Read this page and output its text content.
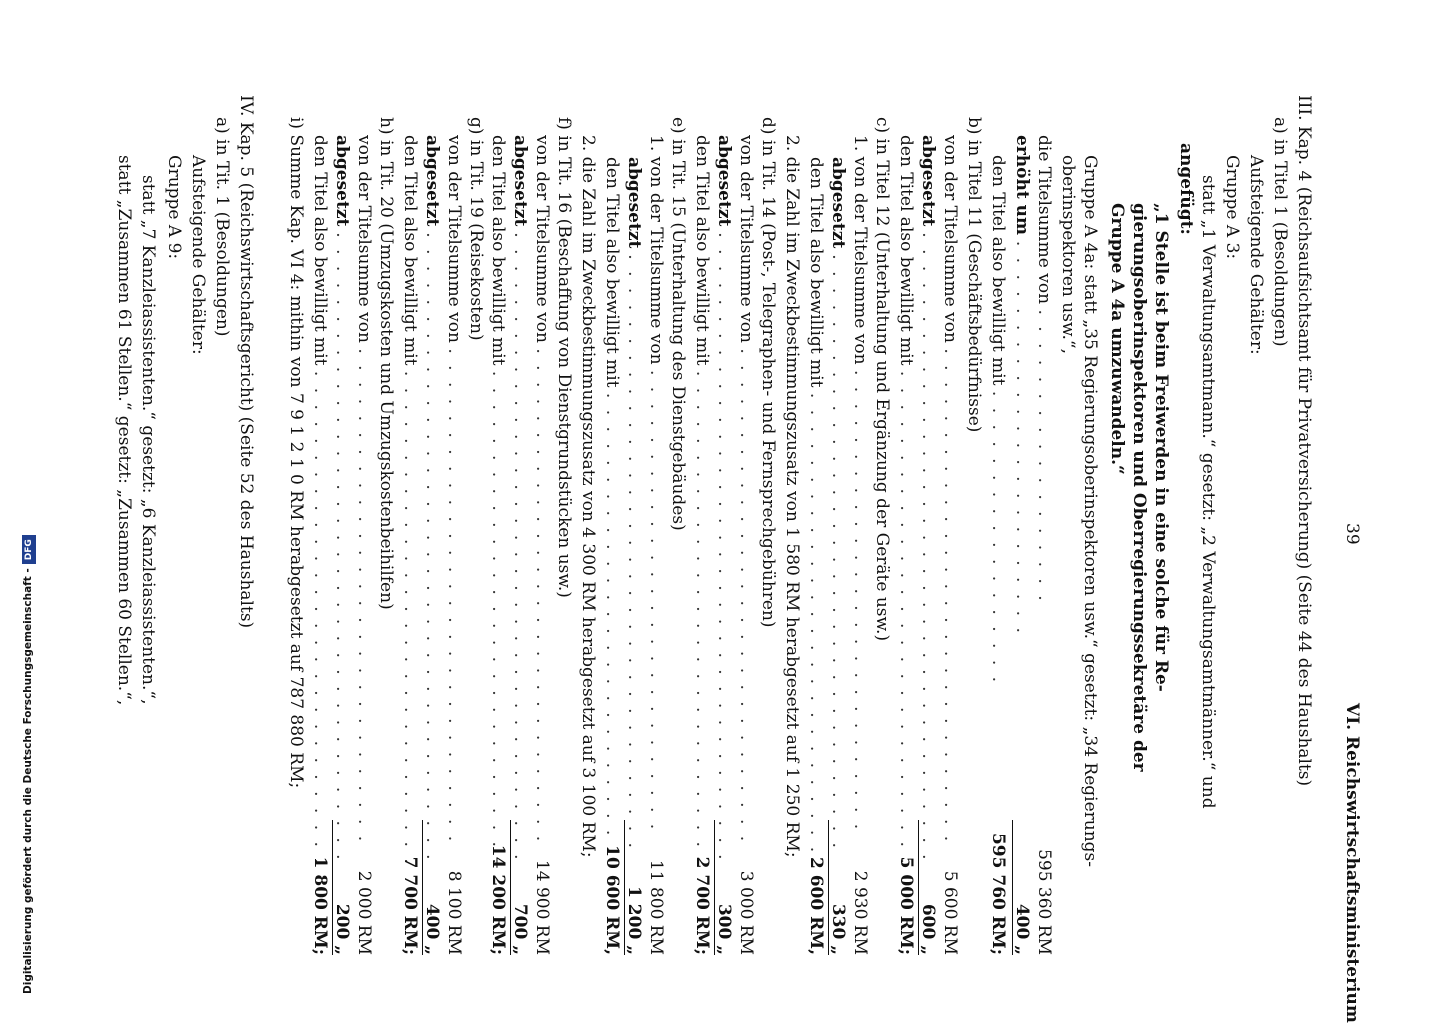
39
VI. Reichswirtschaftsministerium
III. Kap. 4 (Reichsaufsichtsamt für Privatversicherung) (Seite 44 des Haushalts)
a) in Titel 1 (Besoldungen)
Aufsteigende Gehälter:
Gruppe A 3:
statt „1 Verwaltungsamtmann.“ gesetzt: „2 Verwaltungsamtmänner.“ und
angefügt:
„1 Stelle ist beim Freiwerden in eine solche für Re-
gierungsoberinspektoren und Oberregierungssekretäre der
Gruppe A 4a umzuwandeln.“
Gruppe A 4a: statt „35 Regierungsoberinspektoren usw.“ gesetzt: „34 Regierungs-
oberinspektoren usw.“,
die Titelsumme von . . . . . . . . . . . . . . . . . .
erhöht um . . . . . . . . . . . . . . . . . . . . . . . .
den Titel also bewilligt mit . . . . . . . . . . . . . . . . . .
b) in Titel 11 (Geschäftsbedürfnisse)
von der Titelsumme von . . . . . . . . . . . . . . . . . . . . . . . . . . . . . .
abgesetzt . . . . . . . . . . . . . . . . . . . . . . . . . . . . . . . . . . . . . .
den Titel also bewilligt mit . . . . . . . . . . . . . . . . . . . . . . . . . . . . . .
c) in Titel 12 (Unterhaltung und Ergänzung der Geräte usw.)
1. von der Titelsumme von . . . . . . . . . . . . . . . . . . . . . . . . . . . .
abgesetzt . . . . . . . . . . . . . . . . . . . . . . . . . . . . . . . . . . . .
den Titel also bewilligt mit . . . . . . . . . . . . . . . . . . . . . . . . . . . .
2. die Zahl im Zweckbestimmungszusatz von 1 580 RM herabgesetzt auf 1 250 RM;
d) in Tit. 14 (Post-, Telegraphen- und Fernsprechgebühren)
von der Titelsumme von . . . . . . . . . . . . . . . . . . . . . . . . . . . . . .
abgesetzt . . . . . . . . . . . . . . . . . . . . . . . . . . . . . . . . . . . . . .
den Titel also bewilligt mit . . . . . . . . . . . . . . . . . . . . . . . . . . . . . .
e) in Tit. 15 (Unterhaltung des Dienstgebäudes)
1. von der Titelsumme von . . . . . . . . . . . . . . . . . . . . . . . . . . . .
abgesetzt . . . . . . . . . . . . . . . . . . . . . . . . . . . . . . . . . . . .
den Titel also bewilligt mit . . . . . . . . . . . . . . . . . . . . . . . . . . . .
2. die Zahl im Zweckbestimmungszusatz von 4 300 RM herabgesetzt auf 3 100 RM;
f) in Tit. 16 (Beschaffung von Dienstgrundstücken usw.)
von der Titelsumme von . . . . . . . . . . . . . . . . . . . . . . . . . . . . . .
abgesetzt . . . . . . . . . . . . . . . . . . . . . . . . . . . . . . . . . . . . . .
den Titel also bewilligt mit . . . . . . . . . . . . . . . . . . . . . . . . . . . . . .
g) in Tit. 19 (Reisekosten)
von der Titelsumme von . . . . . . . . . . . . . . . . . . . . . . . . . . . . . .
abgesetzt . . . . . . . . . . . . . . . . . . . . . . . . . . . . . . . . . . . . . .
den Titel also bewilligt mit . . . . . . . . . . . . . . . . . . . . . . . . . . . . . .
h) in Tit. 20 (Umzugskosten und Umzugskostenbeihilfen)
von der Titelsumme von . . . . . . . . . . . . . . . . . . . . . . . . . . . . . .
abgesetzt . . . . . . . . . . . . . . . . . . . . . . . . . . . . . . . . . . . . . .
den Titel also bewilligt mit . . . . . . . . . . . . . . . . . . . . . . . . . . . . . .
i) Summe Kap. VI 4: mithin von 7 9 1 2 1 0 RM herabgesetzt auf 787 880 RM;
IV. Kap. 5 (Reichswirtschaftsgericht) (Seite 52 des Haushalts)
a) in Tit. 1 (Besoldungen)
Aufsteigende Gehälter:
Gruppe A 9:
statt „7 Kanzleiassistenten.“ gesetzt: „6 Kanzleiassistenten.“,
statt „Zusammen 61 Stellen.“ gesetzt: „Zusammen 60 Stellen.“,
595 360 RM
400 „
595 760 RM;
5 600 RM
600 „
5 000 RM;
2 930 RM
330 „
2 600 RM,
3 000 RM
300 „
2 700 RM;
11 800 RM
1 200 „
10 600 RM,
14 900 RM
700 „
14 200 RM;
8 100 RM
400 „
7 700 RM;
2 000 RM
200 „
1 800 RM;
Digitalisierung gefördert durch die Deutsche Forschungsgemeinschaft -DFG
